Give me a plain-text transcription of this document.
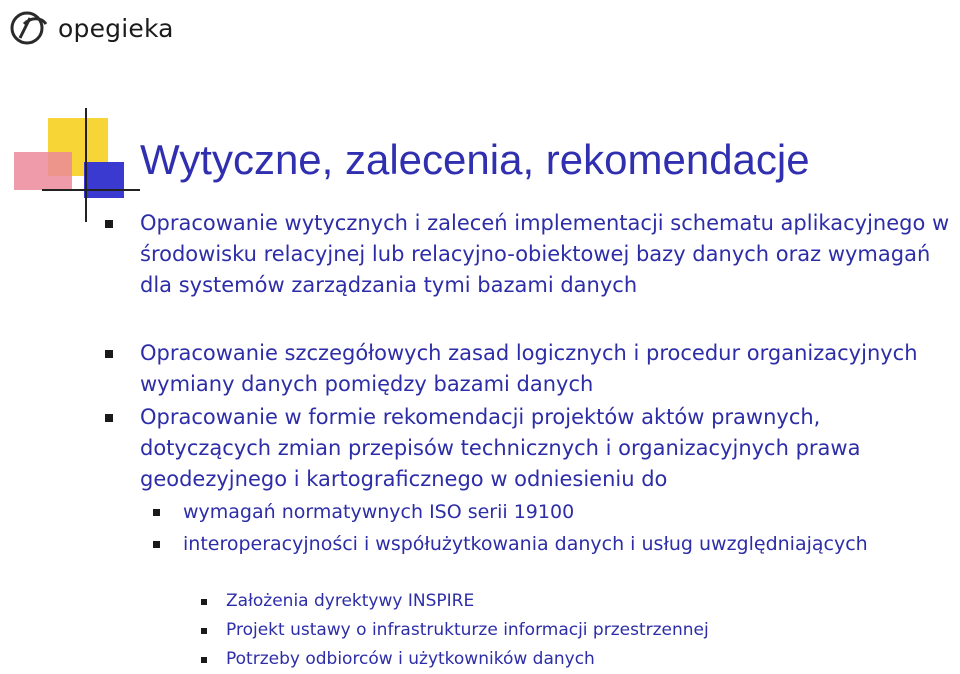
opegieka
Wytyczne, zalecenia, rekomendacje
Opracowanie wytycznych i zaleceń implementacji schematu aplikacyjnego w środowisku relacyjnej lub relacyjno-obiektowej bazy danych oraz wymagań dla systemów zarządzania tymi bazami danych
Opracowanie szczegółowych zasad logicznych i procedur organizacyjnych wymiany danych pomiędzy bazami danych
Opracowanie w formie rekomendacji projektów aktów prawnych, dotyczących zmian przepisów technicznych i organizacyjnych prawa geodezyjnego i kartograficznego w odniesieniu do
wymagań normatywnych ISO serii 19100
interoperacyjności i współużytkowania danych i usług uwzględniających
Założenia dyrektywy INSPIRE
Projekt ustawy o infrastrukturze informacji przestrzennej
Potrzeby odbiorców i użytkowników danych
